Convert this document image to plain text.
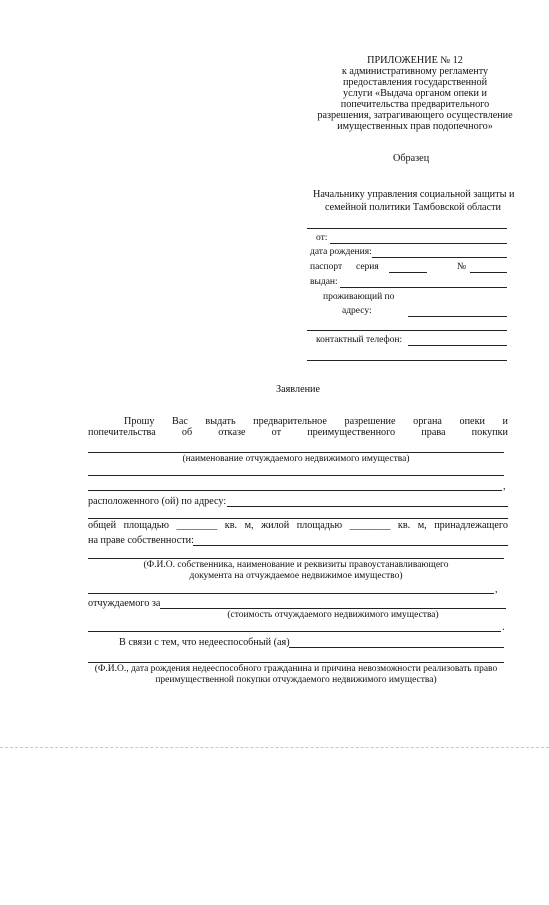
ПРИЛОЖЕНИЕ № 12
к административному регламенту
предоставления государственной
услуги «Выдача органом опеки и
попечительства предварительного
разрешения, затрагивающего осуществление
имущественных прав подопечного»
Образец
Начальнику управления социальной защиты и
семейной политики Тамбовской области
от:
дата рождения:
паспорт серия	№
выдан:
проживающий по
адресу:
контактный телефон:
Заявление
Прошу Вас выдать предварительное разрешение органа опеки и
попечительства	об	отказе	от	преимущественного	права	покупки
(наименование отчуждаемого недвижимого имущества)
,
расположенного (ой) по адресу:
общей площадью ________ кв. м, жилой площадью ________ кв. м, принадлежащего
на праве собственности:
(Ф.И.О. собственника, наименование и реквизиты правоустанавливающего
документа на отчуждаемое недвижимое имущество)
,
отчуждаемого за
(стоимость отчуждаемого недвижимого имущества)
.
В связи с тем, что недееспособный (ая)
(Ф.И.О., дата рождения недееспособного гражданина и причина невозможности реализовать право
преимущественной покупки отчуждаемого недвижимого имущества)
